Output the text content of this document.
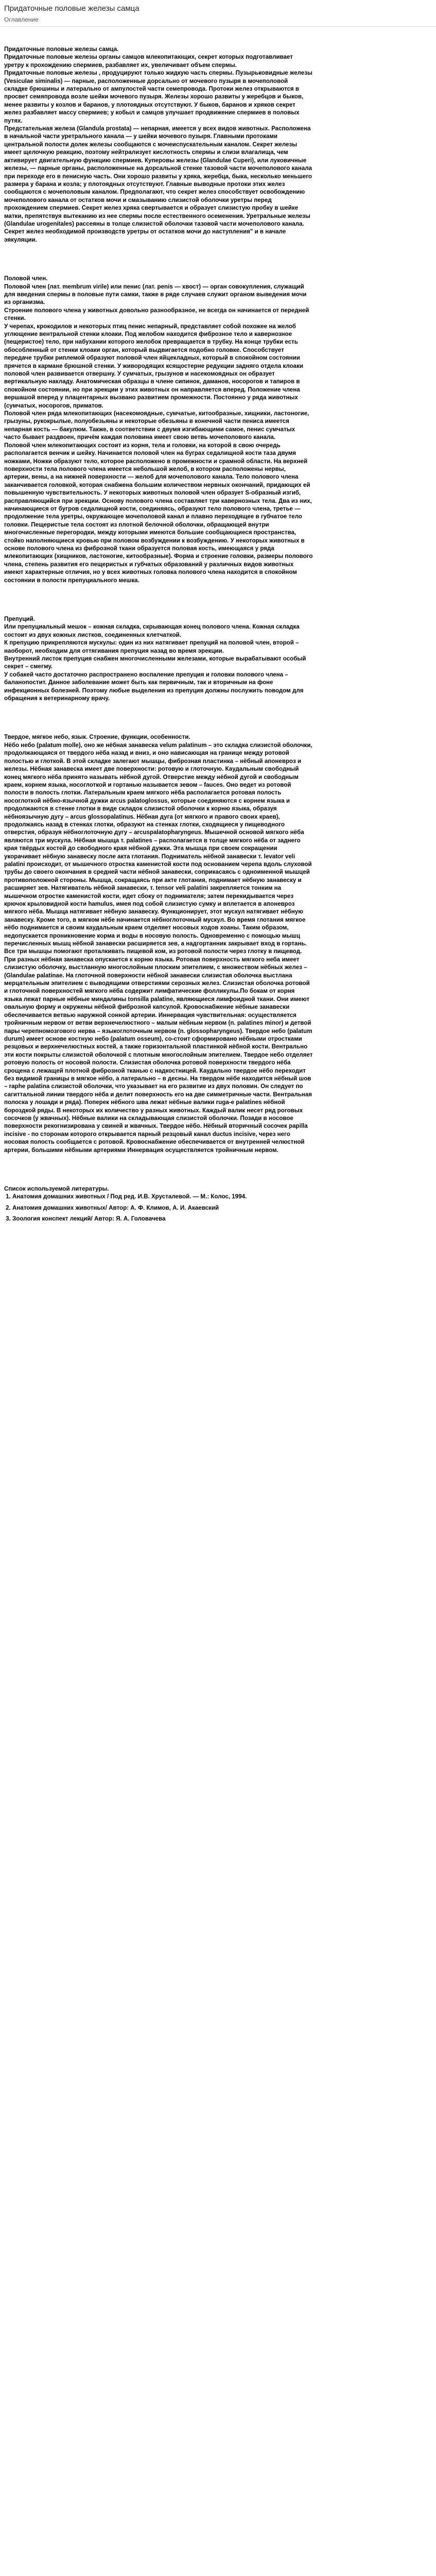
Придаточные половые железы самца
Оглавление

Придаточные половые железы самца.

Придаточные половые железы органы самцов млекопитающих, секрет которых подготавливает уретру к прохождению спермиев, разбавляет их, увеличивает объем спермы.

Придаточные половые железы , продуцируют только жидкую часть спермы. Пузырьковидные железы (Vesiculae siminalis) — парные, расположенные дорсально от мочевого пузыря в мочеполовой складке брюшины и латерально от ампулостей части семепровода. Протоки желез открываются в просвет семяпровода возле шейки мочевого пузыря. Железы хорошо развиты у жеребцов и быков, менее развиты у козлов и баранов, у плотоядных отсутствуют. У быков, баранов и хряков секрет желез разбавляет массу спермиев; у кобыл и самцов улучшает продвижение спермиев в половых путях.

Предстательная железа (Glandula prostata) — непарная, имеется у всех видов животных. Расположена в начальной части уретрального канала — у шейки мочевого пузыря. Главными протоками центральной полости долек железы сообщаются с мочеиспускательным каналом. Секрет железы имеет щелочную реакцию, поэтому нейтрализует кислотность спермы и слизи влагалища, чем активирует двигательную функцию спермиев. Куперовы железы (Glandulae Cuperi), или луковичные железы, — парные органы, расположенные на дорсальной стенке тазовой части мочеполового канала при переходе его в пенисную часть. Они хорошо развиты у хряка, жеребца, быка, несколько меньшего размера у барана и козла; у плотоядных отсутствуют. Главные выводные протоки этих желез сообщаются с мочеполовым каналом. Предполагают, что секрет желез способствует освобождению мочеполового канала от остатков мочи и смазыванию слизистой оболочки уретры перед прохождением спермиев. Секрет желез хряка свертывается и образует слизистую пробку в шейке матки, препятствуя вытеканию из нее спермы после естественного осеменения. Уретральные железы (Glandulae urogenitales) рассеяны в толще слизистой оболочки тазовой части мочеполового канала. Секрет желез необходимой производств уретры от остатков мочи до наступления" и в начале эякуляции.

Половой член.

Половой член (лат. membrum virile) или пенис (лат. penis — хвост) — орган совокупления, служащий для введения спермы в половые пути самки, также в ряде случаев служит органом выведения мочи из организма.

Строение полового члена у животных довольно разнообразное, не всегда он начинается от передней стенки.

У черепах, крокодилов и некоторых птиц пенис непарный, представляет собой похожее на желоб углющение вентральной стенки клоаки. Под желобом находится фиброзное тело и кавернозное (пещеристое) тело, при набухании которого желобок превращается в трубку. На конце трубки есть обособленный от стенки клоаки орган, который выдвигается подобно головке. Способствует передаче трубки риплемой образуют половой член яйцекладных, который в спокойном состоянии прячется в кармане брюшной стенки. У живородящих ксящостерне редукции задняго отдела клоаки половой член развивается отвершну. У сумчатых, грызунов и насекомоядных он образует вертикальную накладу. Анатомическая образцы в члене сипинок, даманов, носорогов и тапиров в спокойном состоянии, но при эрекции у этих животных он направляется вперед. Положение члена вершашой вперед у плацентарных вызвано развитием промежности. Постоянно у ряда животных (сумчатых, носорогов, приматов.

Половой член ряда млекопитающих (насекомоядные, сумчатые, китообразные, хищники, ластоногие, грызуны, рукокрылые, полуобезьяны и некоторые обезьяны в конечной части пениса имеется непарная кость — бакулюм. Также, в соответствии с двумя изгибающими самое, пенис сумчатых часто бывает раздвоен, причём каждая половина имеет свою ветвь мочеполового канала.

Половой член млекопитающих состоит из корня, тела и головки, на которой в свою очередь располагается венчик и шейку. Начинается половой член на бугрaх седалищной кости тазa двумя ножками, Ножки образуют тело, которое расположено в промежности и срамной области. На верхней поверхности тела полового члена имеется небольшой желоб, в котором расположены нервы, артерии, вены, а на нижней поверхности — желоб для мочеполового канала. Тело полового члена заканчивается головкой, которая снабжена большим количеством нервных окончаний, придающих ей повышенную чувствительность. У некоторых животных половой член образует S-образный изгиб, расправляющийся при эрекции. Основу полового члена составляет три кавернозных тела. Два из них, начинающиеся от бугров седалищной кости, соединяясь, образуют тело полового члена, третье — продолжение тела уретры, окружающее мочеполовой канал и плавно переходящее в губчатое тело головки. Пещеристые тела состоят из плотной белочной оболочки, обращающей внутри многочисленные перегородки, между которыми имеются большие сообщающиеся пространства, стойко наполняющиеся кровью при половом возбуждении к возбуждению. У некоторых животных в основе полового члена из фиброзной ткани образуется половая кость, имеющаяся у ряда млекопитающих (хищников, ластоногие, китообразные). Форма и строение головки, размеры полового члена, степень развития его пещеристых и губчатых образований у различных видов животных имеют характерные отличия, но у всех животных головка полового члена находится в спокойном состоянии в полости препуциального мешка.

Препуций.

Или препуциальный мешок – кожная складка, скрывающая конец полового члена. Кожная складка состоит из двух кожных листков, соединенных клетчаткой.

К препуцию прикрепляются мускулы: один из них натягивает препуций на половой член, второй – наоборот, необходим для оттягивания препуция назад во время эрекции.

Внутренний листок препуция снабжен многочисленными железами, которые вырабатывают особый секрет – смегму.

У собакей часто достаточно распространено воспаление препуция и головки полового члена – баланопостит. Данное заболевание может быть как первичным, так и вторичным на фоне инфекционных болезней. Поэтому любые выделения из препуция должны послужить поводом для обращения к ветеринарному врачу.

Твердое, мягкое небо, язык. Строение, функции, особенности.

Нёбо небо (palatum molle), оно же нёбная занавеска velum palatinum – это складка слизистой оболочки, продолжающаяся от твердого нёба назад и вниз, и оно нависающая на границе между ротовой полостью и глоткой. В этой складке залегают мышцы, фиброзная пластинка – нёбный апоневроз и железы. Нёбная занавеска имеет две поверхности: ротовую и глоточную. Каудальным свободный конец мягкого нёба принято называть нёбной дугой. Отверстие между нёбной дугой и свободным краем, корнем языка, носоглоткой и гортанью называется зевом – fauces. Оно ведет из ротовой полости в полость глотки. Латеральным краем мягкого нёба располагается ротовая полость носоглоткой нёбно-язычной дужки arcus palatoglossus, которые соединяются с корнем языка и продолжаются в стенке глотки в виде складок слизистой оболочки к корню языка, образуя нёбноязычную дугу – arcus glossopalatinus. Нёбная дуга (от мягкого и правого своих краев), продолжаясь назад в стенках глотки, образуют на стенках глотки, сходящиеся у пищеводного отверстия, образуя нёбноглоточную дугу – arcuspalatopharyngeus. Мышечной основой мягкого нёба являются три мускула. Нёбная мышца т. palatines – располагается в толще мягкого нёба от заднего края твёрдых костей до свободного края нёбной дужки. Эта мышца при своем сокращении укорачивает нёбную занавеску после акта глотания. Подниматель нёбной занавески т. levator veli palatini происходит, от мышечного отростка каменистой кости под основанием черепа вдоль слуховой трубы до своего окончания в средней части нёбной занавески, соприкасаясь с одноименной мышцей противоположной стороны. Мышца, сокращаясь при акте глотания, поднимает нёбную занавеску и расширяет зев. Натягиватель нёбной занавески, т. tensor veli palatini закрепляется тонким на мышечном отростке каменистой кости, идет сбоку от поднимателя; затем перекидывается через крючок крыловидной кости hamulus, имея под собой слизистую сумку и вплетается в апоневроз мягкого нёба. Мышца натягивает нёбную занавеску. Функционирует, этот мускул натягивает нёбную занавеску. Кроме того, в мягком нёбе начинается нёбноглоточный мускул. Во время глотания мягкое нёбо поднимается и своим каудальным краем отделяет носовых ходов хоаны. Таким образом, недопускается проникновение корма и воды в носовую полость. Одновременно с помощью мышц перечисленных мышц нёбной занавески расширяется зев, а надгортанник закрывает вход в гортань. Все три мышцы помогают проталкивать пищевой ком, из ротовой полости через глотку в пищевод. При разных нёбная занавеска опускается к корню языка. Ротовая поверхность мягкого неба имеет слизистую оболочку, выстланную многослойным плоским эпителием, с множеством нёбных желез – (Glandulae palatinae. На глоточной поверхности нёбной занавески слизистая оболочка выстлана мерцательным эпителием с выводящими отверстиями серозных желез. Слизистая оболочка ротовой и глоточной поверхностей мягкого нёба содержит лимфатические фолликулы.По бокам от корня языка лежат парные нёбные миндалины tonsilla palatine, являющиеся лимфоидной ткани. Они имеют овальную форму и окружены нёбной фиброзной капсулой. Кровоснабжение нёбные занавески обеспечивается ветвью наружной сонной артерии. Иннервация чувствительная: осуществляется тройничным нервом от ветви верхнечелюстного – малым нёбным нервом (n. palatines minor) и детвой пары черепномозгового нерва – языкоглоточным нервом (n. glossopharyngeus). Твердое небо (palatum durum) имеет основе костную небо (palatum osseum), со-стоит сформировано нёбными отростками резцовых и верхнечелюстных костей, а также горизонтальной пластинкой нёбной кости. Вентрально эти кости покрыты слизистой оболочкой с плотным многослойным эпителием. Твердое небо отделяет ротовую полость от носовой полости. Слизистая оболочка ротовой поверхности твердого нёба срощена с лежащей плотной фиброзной тканью с надкостницей. Каудально твердое нёбо переходит без видимой границы в мягкое нёбо, а латерально – в десны. На твердом нёбе находится нёбный шов – raphe palatina слизистой оболочки, что указывает на его развитие из двух половин. Он следует по сагиттальной линии твердого нёба и делит поверхность его на две симметричные части. Вентральная полоска у лошади и ряда). Поперек нёбного шва лежат нёбные валики ruga-e palatines нёбной бороздкой ряды. В некоторых их количество у разных животных. Каждый валик несет ряд роговых сосочков (у жвачных). Нёбные валики на складывающая слизистой оболочки. Позади в носовое поверхности рекогнизирована у свиней и жвачных. Твердое нёбо. Нёбный вторичный сосочек papilla incisive - по сторонам которого открывается парный резцовый канал ductus incisive, через него носовая полость сообщается с ротовой. Кровоснабжение обеспечивается от внутренней челюстной артерии, большими нёбными артериями Иннервация осуществляется тройничным нервом.

Список используемой литературы.

1. Анатомия домашних животных / Под ред. И.В. Хрусталевой. — М.: Колос, 1994.
2. Анатомия домашних животных/ Автор: А. Ф. Климов, А. И. Акаевский
3. Зоология конспект лекций/ Автор: Я. А. Головачева
